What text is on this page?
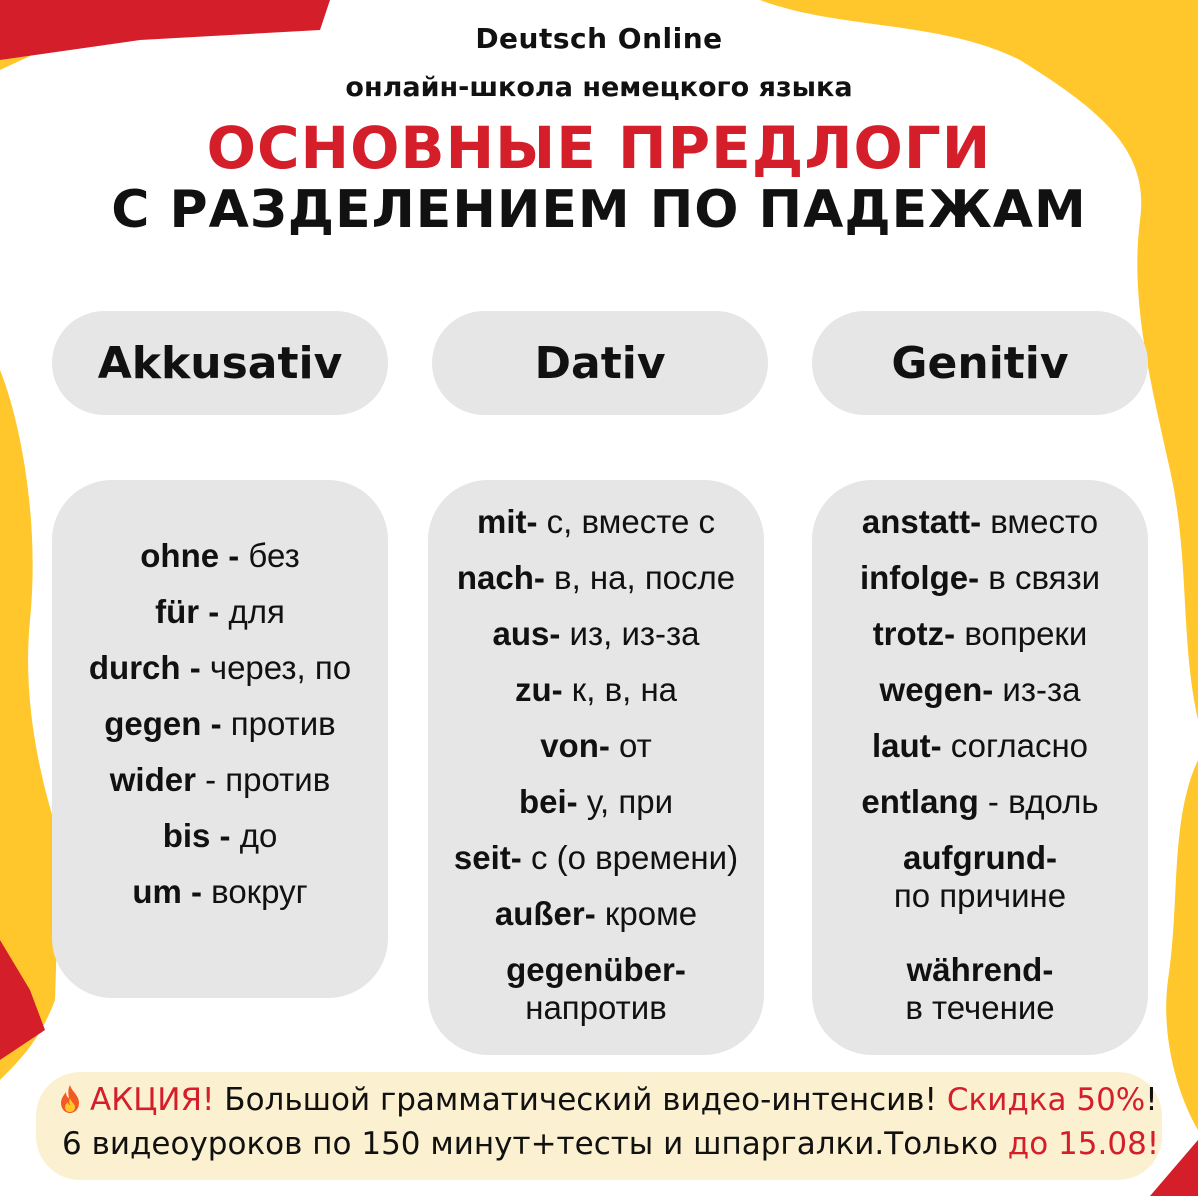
Deutsch Online
онлайн-школа немецкого языка
ОСНОВНЫЕ ПРЕДЛОГИ
С РАЗДЕЛЕНИЕМ ПО ПАДЕЖАМ
Akkusativ	Dativ	Genitiv
ohne - без
für - для
durch - через, по
gegen - против
wider - против
bis - до
um - вокруг
mit- с, вместе с
nach- в, на, после
aus- из, из-за
zu- к, в, на
von- от
bei- у, при
seit- с (о времени)
außer- кроме
gegenüber-
напротив
anstatt- вместо
infolge- в связи
trotz- вопреки
wegen- из-за
laut- согласно
entlang - вдоль
aufgrund-
по причине
während-
в течение
АКЦИЯ! Большой грамматический видео-интенсив! Скидка 50%!
6 видеоуроков по 150 минут+тесты и шпаргалки.Только до 15.08!
